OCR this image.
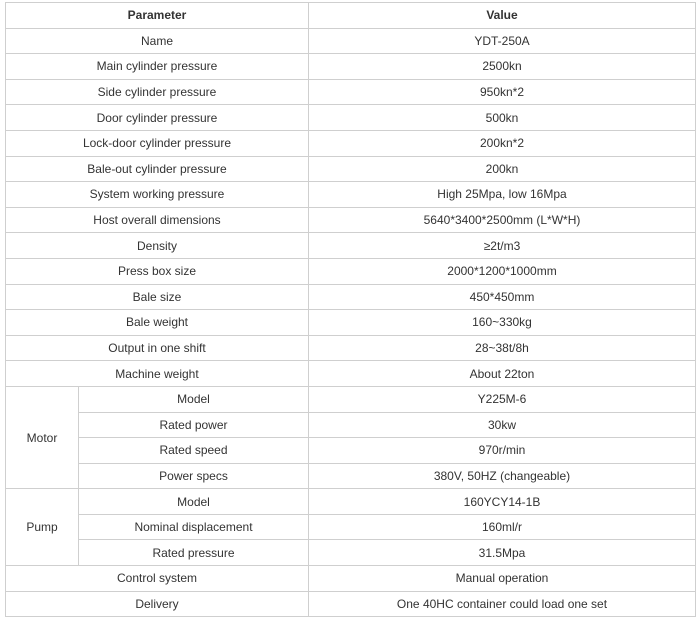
Parameter		Value
Name		YDT-250A
Main cylinder pressure		2500kn
Side cylinder pressure		950kn*2
Door cylinder pressure		500kn
Lock-door cylinder pressure		200kn*2
Bale-out cylinder pressure		200kn
System working pressure		High 25Mpa, low 16Mpa
Host overall dimensions		5640*3400*2500mm (L*W*H)
Density		≥2t/m3
Press box size		2000*1200*1000mm
Bale size		450*450mm
Bale weight		160~330kg
Output in one shift		28~38t/8h
Machine weight		About 22ton
Motor	Model	Y225M-6
	Rated power	30kw
	Rated speed	970r/min
	Power specs	380V, 50HZ (changeable)
Pump	Model	160YCY14-1B
	Nominal displacement	160ml/r
	Rated pressure	31.5Mpa
Control system		Manual operation
Delivery		One 40HC container could load one set
